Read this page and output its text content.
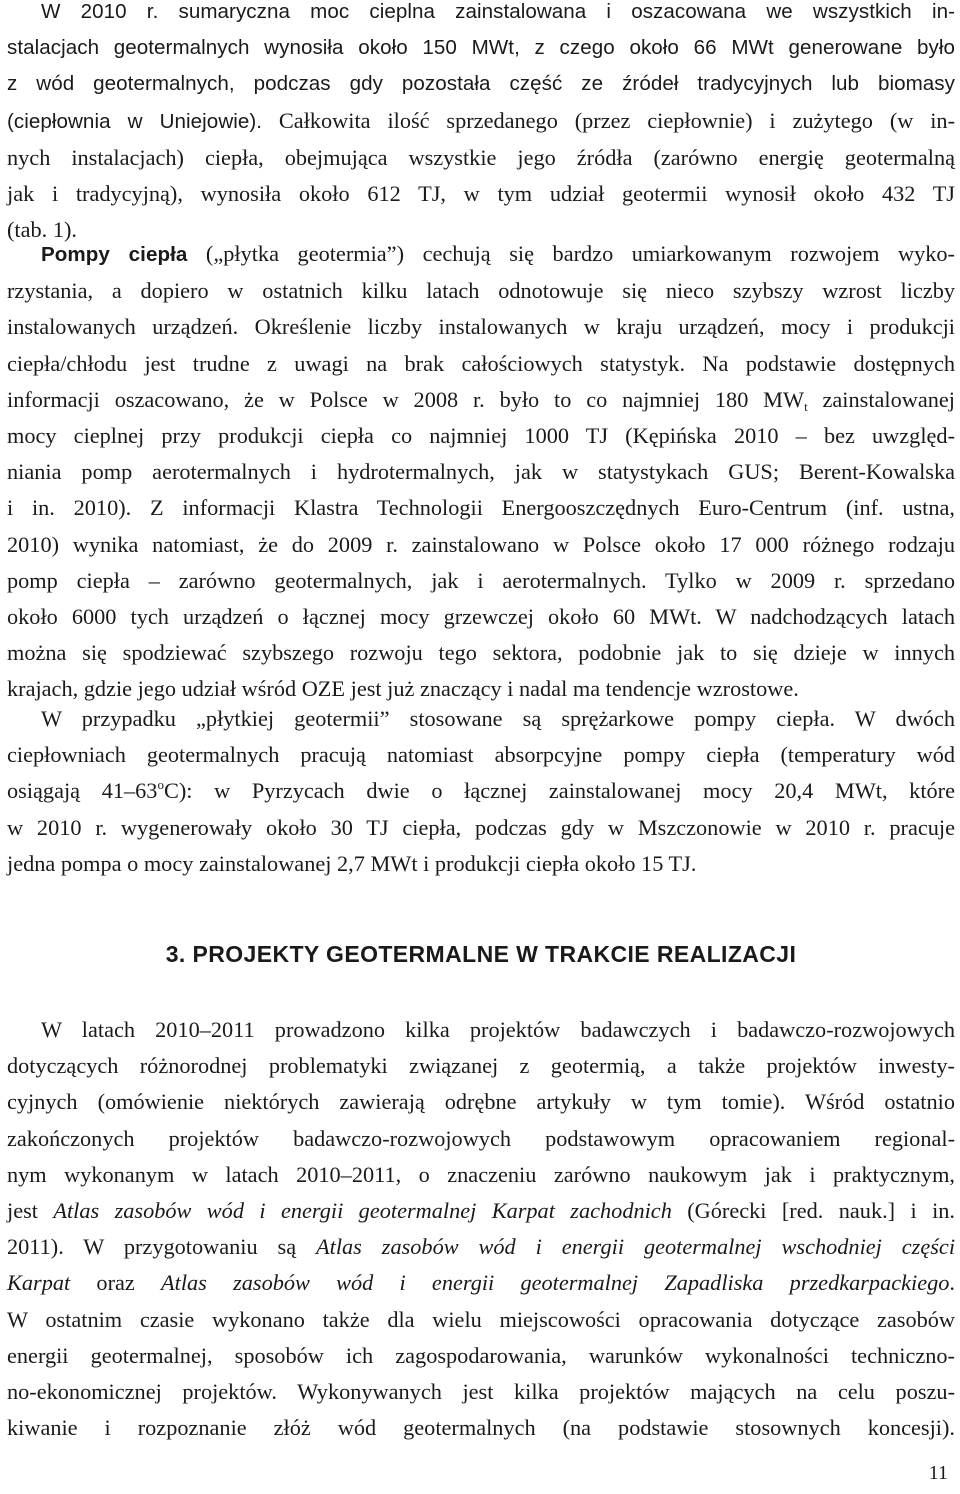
W 2010 r. sumaryczna moc cieplna zainstalowana i oszacowana we wszystkich in-
stalacjach geotermalnych wynosiła około 150 MWt, z czego około 66 MWt generowane było
z wód geotermalnych, podczas gdy pozostała część ze źródeł tradycyjnych lub biomasy
(ciepłownia w Uniejowie). Całkowita ilość sprzedanego (przez ciepłownie) i zużytego (w in-
nych instalacjach) ciepła, obejmująca wszystkie jego źródła (zarówno energię geotermalną
jak i tradycyjną), wynosiła około 612 TJ, w tym udział geotermii wynosił około 432 TJ
(tab. 1).
Pompy ciepła („płytka geotermia”) cechują się bardzo umiarkowanym rozwojem wyko-
rzystania, a dopiero w ostatnich kilku latach odnotowuje się nieco szybszy wzrost liczby
instalowanych urządzeń. Określenie liczby instalowanych w kraju urządzeń, mocy i produkcji
ciepła/chłodu jest trudne z uwagi na brak całościowych statystyk. Na podstawie dostępnych
informacji oszacowano, że w Polsce w 2008 r. było to co najmniej 180 $MW_t$ zainstalowanej
mocy cieplnej przy produkcji ciepła co najmniej 1000 TJ (Kępińska 2010 – bez uwzględ-
niania pomp aerotermalnych i hydrotermalnych, jak w statystykach GUS; Berent-Kowalska
i in. 2010). Z informacji Klastra Technologii Energooszczędnych Euro-Centrum (inf. ustna,
2010) wynika natomiast, że do 2009 r. zainstalowano w Polsce około 17 000 różnego rodzaju
pomp ciepła – zarówno geotermalnych, jak i aerotermalnych. Tylko w 2009 r. sprzedano
około 6000 tych urządzeń o łącznej mocy grzewczej około 60 MWt. W nadchodzących latach
można się spodziewać szybszego rozwoju tego sektora, podobnie jak to się dzieje w innych
krajach, gdzie jego udział wśród OZE jest już znaczący i nadal ma tendencje wzrostowe.
W przypadku „płytkiej geotermii” stosowane są sprężarkowe pompy ciepła. W dwóch
ciepłowniach geotermalnych pracują natomiast absorpcyjne pompy ciepła (temperatury wód
osiągają 41–63$^o$C): w Pyrzycach dwie o łącznej zainstalowanej mocy 20,4 MWt, które
w 2010 r. wygenerowały około 30 TJ ciepła, podczas gdy w Mszczonowie w 2010 r. pracuje
jedna pompa o mocy zainstalowanej 2,7 MWt i produkcji ciepła około 15 TJ.
3. PROJEKTY GEOTERMALNE W TRAKCIE REALIZACJI
W latach 2010–2011 prowadzono kilka projektów badawczych i badawczo-rozwojowych
dotyczących różnorodnej problematyki związanej z geotermią, a także projektów inwesty-
cyjnych (omówienie niektórych zawierają odrębne artykuły w tym tomie). Wśród ostatnio
zakończonych projektów badawczo-rozwojowych podstawowym opracowaniem regional-
nym wykonanym w latach 2010–2011, o znaczeniu zarówno naukowym jak i praktycznym,
jest Atlas zasobów wód i energii geotermalnej Karpat zachodnich (Górecki [red. nauk.] i in.
2011). W przygotowaniu są Atlas zasobów wód i energii geotermalnej wschodniej części
Karpat oraz Atlas zasobów wód i energii geotermalnej Zapadliska przedkarpackiego.
W ostatnim czasie wykonano także dla wielu miejscowości opracowania dotyczące zasobów
energii geotermalnej, sposobów ich zagospodarowania, warunków wykonalności techniczno-
no-ekonomicznej projektów. Wykonywanych jest kilka projektów mających na celu poszu-
kiwanie i rozpoznanie złóż wód geotermalnych (na podstawie stosownych koncesji).
11
